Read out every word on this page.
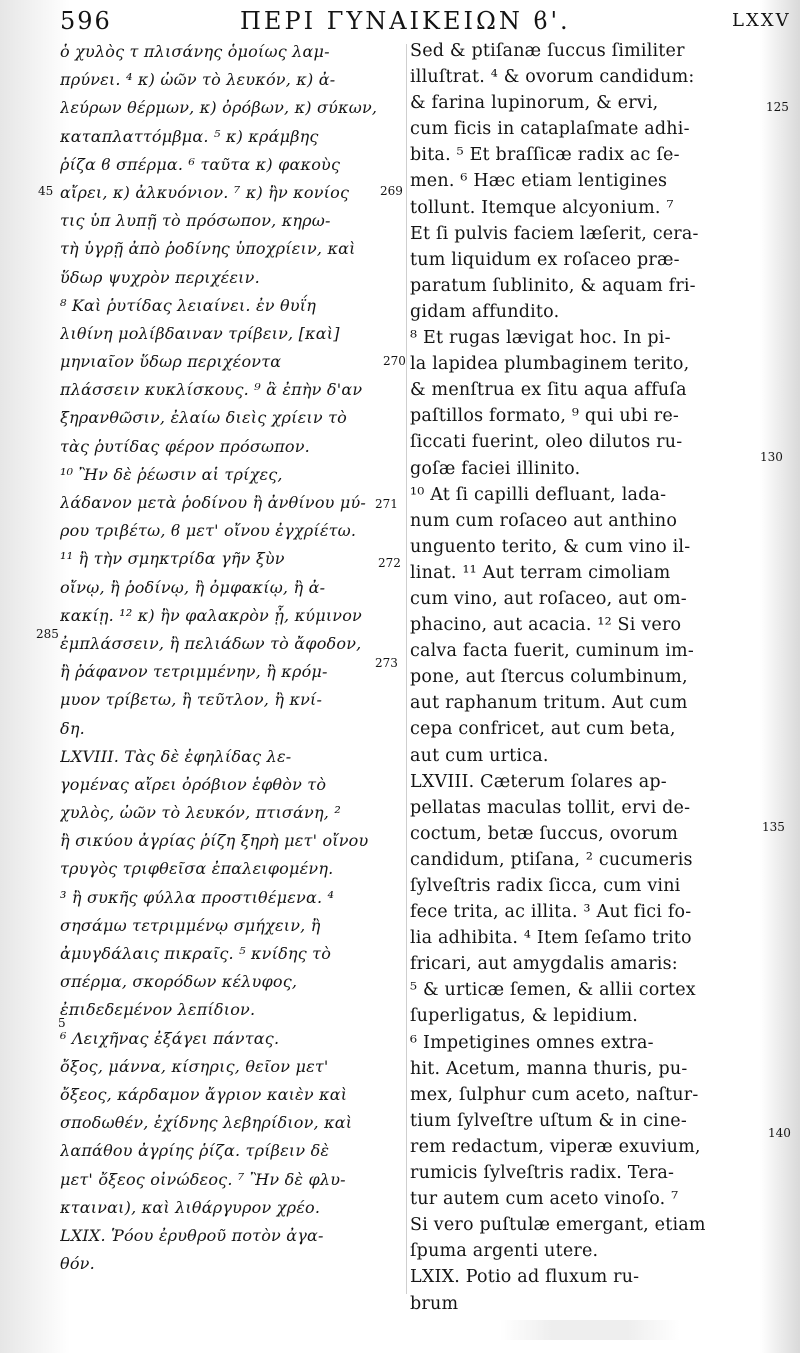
596	ΠΕΡΙ ΓΥΝΑΙΚΕΙΩΝ ϐ'.	LXXV
ὁ χυλὸς τ πλισάνης ὁμοίως λαμ-
πρύνει. ⁴ κ) ὠῶν τὸ λευκόν, κ) ἀ-
λεύρων θέρμων, κ) ὀρόβων, κ) σύκων,
καταπλαττόμβμα. ⁵ κ) κράμβης
ῥίζα ϐ σπέρμα. ⁶ ταῦτα κ) φακοὺς
αἴρει, κ) ἀλκυόνιον. ⁷ κ) ἢν κονίος
τις ὑπ λυπῇ τὸ πρόσωπον, κηρω-
τὴ ὑγρῇ ἀπὸ ῥοδίνης ὑποχρίειν, καὶ
ὕδωρ ψυχρὸν περιχέειν.
⁸ Καὶ ῥυτίδας λειαίνει. ἐν θυΐη
λιθίνη μολίβδαιναν τρίβειν, [καὶ]
μηνιαῖον ὕδωρ περιχέοντα
πλάσσειν κυκλίσκους. ⁹ ἃ ἐπὴν δ'αν
ξηρανθῶσιν, ἐλαίω διεὶς χρίειν τὸ
τὰς ῥυτίδας φέρον πρόσωπον.
¹⁰ Ἢν δὲ ῥέωσιν αἱ τρίχες,
λάδανον μετὰ ῥοδίνου ἢ ἀνθίνου μύ-
ρου τριβέτω, ϐ μετ' οἴνου ἐγχρίέτω.
¹¹ ἢ τὴν σμηκτρίδα γῆν ξὺν
οἴνῳ, ἢ ῥοδίνῳ, ἢ ὀμφακίῳ, ἢ ἀ-
κακίῃ. ¹² κ) ἢν φαλακρὸν ᾖ, κύμινον
ἐμπλάσσειν, ἢ πελιάδων τὸ ἄφοδον,
ἢ ῥάφανον τετριμμένην, ἢ κρόμ-
μυον τρίβετω, ἢ τεῦτλον, ἢ κνί-
δη.
LXVIII. Τὰς δὲ ἐφηλίδας λε-
γομένας αἴρει ὀρόβιον ἑφθὸν τὸ
χυλὸς, ὠῶν τὸ λευκόν, πτισάνη, ²
ἢ σικύου ἀγρίας ῥίζη ξηρὴ μετ' οἴνου
τρυγὸς τριφθεῖσα ἐπαλειφομένη.
³ ἢ συκῆς φύλλα προστιθέμενα. ⁴
σησάμω τετριμμένῳ σμήχειν, ἢ
ἀμυγδάλαις πικραῖς. ⁵ κνίδης τὸ
σπέρμα, σκορόδων κέλυφος,
ἐπιδεδεμένον λεπίδιον.
⁶ Λειχῆνας ἐξάγει πάντας.
ὄξος, μάννα, κίσηρις, θεῖον μετ'
ὄξεος, κάρδαμον ἄγριον καιὲν καὶ
σποδωθέν, ἐχίδνης λεβηρίδιον, καὶ
λαπάθου ἀγρίης ῥίζα. τρίβειν δὲ
μετ' ὄξεος οἰνώδεος. ⁷ Ἢν δὲ φλυ-
κταιναι), καὶ λιθάργυρον χρέο.
LXIX. Ῥόου ἐρυθροῦ ποτὸν ἀγα-
θόν.
Sed & ptiſanæ ſuccus ſimiliter
illuſtrat. ⁴ & ovorum candidum:
& farina lupinorum, & ervi,
cum ficis in cataplaſmate adhi-
bita. ⁵ Et braſſicæ radix ac ſe-
men. ⁶ Hæc etiam lentigines
tollunt. Itemque alcyonium. ⁷
Et ſi pulvis faciem læſerit, cera-
tum liquidum ex roſaceo præ-
paratum ſublinito, & aquam fri-
gidam affundito.
⁸ Et rugas lævigat hoc. In pi-
la lapidea plumbaginem terito,
& menſtrua ex ſitu aqua affuſa
paſtillos formato, ⁹ qui ubi re-
ſiccati fuerint, oleo dilutos ru-
goſæ faciei illinito.
¹⁰ At ſi capilli defluant, lada-
num cum roſaceo aut anthino
unguento terito, & cum vino il-
linat. ¹¹ Aut terram cimoliam
cum vino, aut roſaceo, aut om-
phacino, aut acacia. ¹² Si vero
calva facta fuerit, cuminum im-
pone, aut ſtercus columbinum,
aut raphanum tritum. Aut cum
cepa confricet, aut cum beta,
aut cum urtica.
LXVIII. Cæterum ſolares ap-
pellatas maculas tollit, ervi de-
coctum, betæ ſuccus, ovorum
candidum, ptiſana, ² cucumeris
ſylveſtris radix ſicca, cum vini
fece trita, ac illita. ³ Aut fici fo-
lia adhibita. ⁴ Item ſeſamo trito
fricari, aut amygdalis amaris:
⁵ & urticæ ſemen, & allii cortex
ſuperligatus, & lepidium.
⁶ Impetigines omnes extra-
hit. Acetum, manna thuris, pu-
mex, ſulphur cum aceto, naſtur-
tium ſylveſtre uſtum & in cine-
rem redactum, viperæ exuvium,
rumicis ſylveſtris radix. Tera-
tur autem cum aceto vinoſo. ⁷
Si vero puſtulæ emergant, etiam
ſpuma argenti utere.
LXIX. Potio ad fluxum ru-
brum
45
285
5
269
270
271
272
273
125
130
135
140
